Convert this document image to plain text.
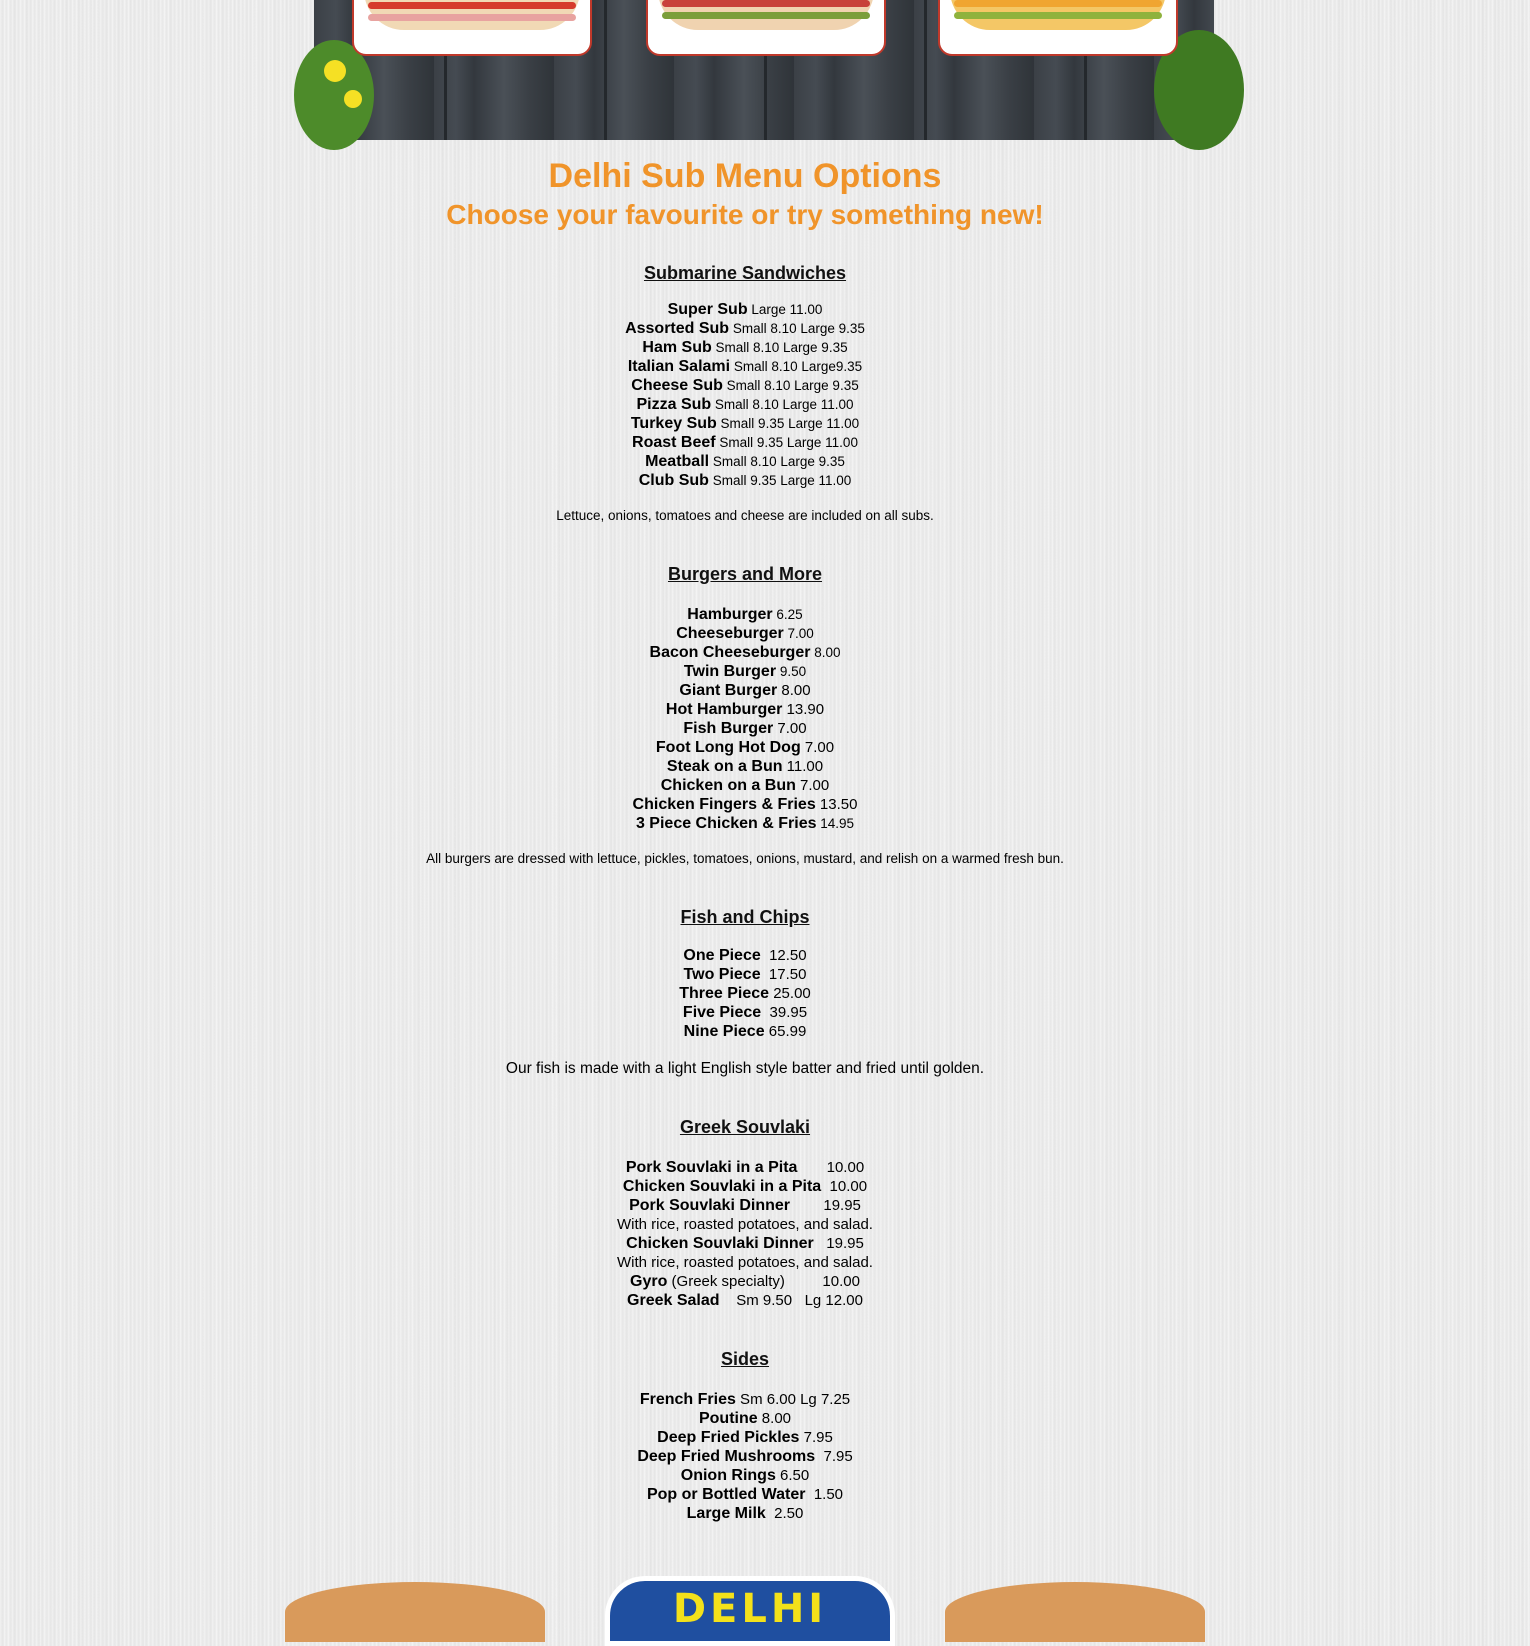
Delhi Sub Menu Options
Choose your favourite or try something new!
Submarine Sandwiches
Super Sub Large 11.00
Assorted Sub Small 8.10 Large 9.35
Ham Sub Small 8.10 Large 9.35
Italian Salami Small 8.10 Large9.35
Cheese Sub Small 8.10 Large 9.35
Pizza Sub Small 8.10 Large 11.00
Turkey Sub Small 9.35 Large 11.00
Roast Beef Small 9.35 Large 11.00
Meatball Small 8.10 Large 9.35
Club Sub Small 9.35 Large 11.00
Lettuce, onions, tomatoes and cheese are included on all subs.
Burgers and More
Hamburger 6.25
Cheeseburger 7.00
Bacon Cheeseburger 8.00
Twin Burger 9.50
Giant Burger 8.00
Hot Hamburger 13.90
Fish Burger 7.00
Foot Long Hot Dog 7.00
Steak on a Bun 11.00
Chicken on a Bun 7.00
Chicken Fingers & Fries 13.50
3 Piece Chicken & Fries 14.95
All burgers are dressed with lettuce, pickles, tomatoes, onions, mustard, and relish on a warmed fresh bun.
Fish and Chips
One Piece  12.50
Two Piece  17.50
Three Piece 25.00
Five Piece  39.95
Nine Piece 65.99
Our fish is made with a light English style batter and fried until golden.
Greek Souvlaki
Pork Souvlaki in a Pita       10.00
Chicken Souvlaki in a Pita  10.00
Pork Souvlaki Dinner        19.95
With rice, roasted potatoes, and salad.
Chicken Souvlaki Dinner   19.95
With rice, roasted potatoes, and salad.
Gyro (Greek specialty)         10.00
Greek Salad    Sm 9.50   Lg 12.00
Sides
French Fries Sm 6.00 Lg 7.25
Poutine 8.00
Deep Fried Pickles 7.95
Deep Fried Mushrooms  7.95
Onion Rings 6.50
Pop or Bottled Water  1.50
Large Milk  2.50
DELHI
